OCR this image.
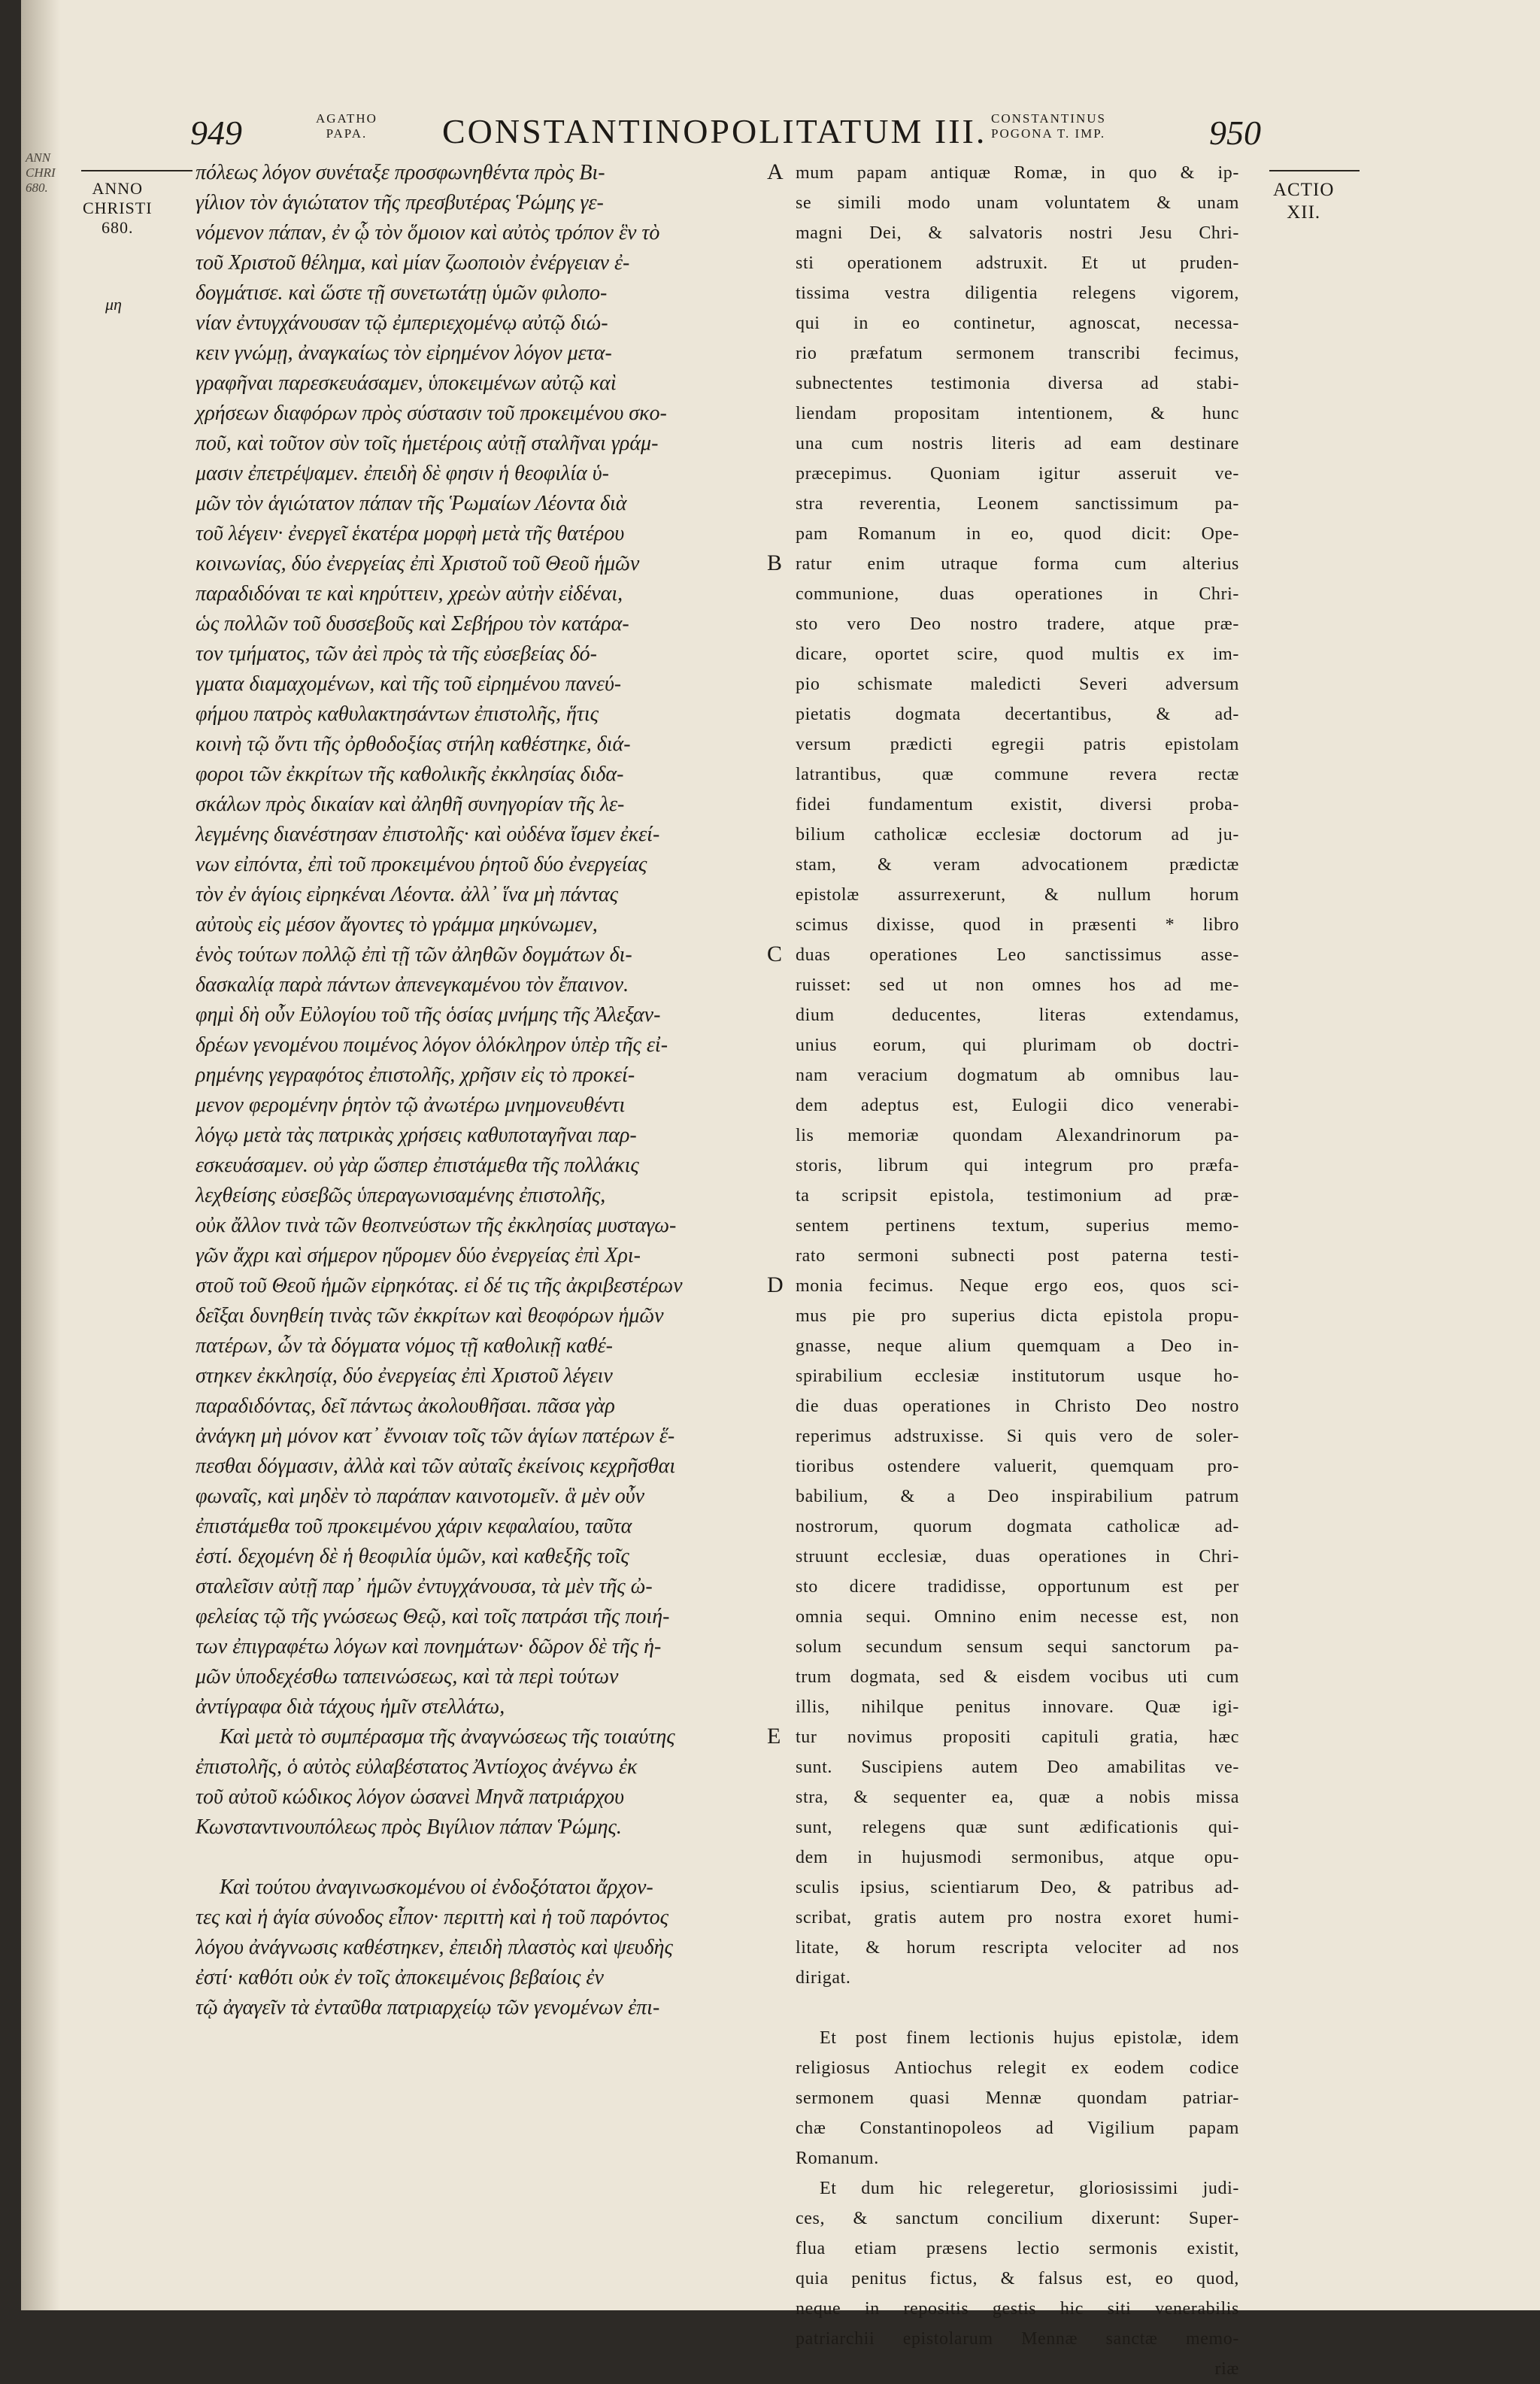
ANN
CHRI
680.
949	AGATHO
PAPA. CONSTANTINOPOLITATUM III. CONSTANTINUS
POGONA T. IMP.	950
ANNO
CHRISTI
680.
ACTIO
XII.
μη
A
B
C
D
E
πόλεως λόγον συνέταξε προσφωνηθέντα πρὸς Βι-
γίλιον τὸν ἁγιώτατον τῆς πρεσβυτέρας Ῥώμης γε-
νόμενον πάπαν, ἐν ᾧ τὸν ὅμοιον καὶ αὐτὸς τρόπον ἓν τὸ
τοῦ Χριστοῦ θέλημα, καὶ μίαν ζωοποιὸν ἐνέργειαν ἐ-
δογμάτισε. καὶ ὥστε τῇ συνετωτάτῃ ὑμῶν φιλοπο-
νίαν ἐντυγχάνουσαν τῷ ἐμπεριεχομένῳ αὐτῷ διώ-
κειν γνώμῃ, ἀναγκαίως τὸν εἰρημένον λόγον μετα-
γραφῆναι παρεσκευάσαμεν, ὑποκειμένων αὐτῷ καὶ
χρήσεων διαφόρων πρὸς σύστασιν τοῦ προκειμένου σκο-
ποῦ, καὶ τοῦτον σὺν τοῖς ἡμετέροις αὐτῇ σταλῆναι γράμ-
μασιν ἐπετρέψαμεν. ἐπειδὴ δὲ φησιν ἡ θεοφιλία ὑ-
μῶν τὸν ἁγιώτατον πάπαν τῆς Ῥωμαίων Λέοντα διὰ
τοῦ λέγειν· ἐνεργεῖ ἑκατέρα μορφὴ μετὰ τῆς θατέρου
κοινωνίας, δύο ἐνεργείας ἐπὶ Χριστοῦ τοῦ Θεοῦ ἡμῶν
παραδιδόναι τε καὶ κηρύττειν, χρεὼν αὐτὴν εἰδέναι,
ὡς πολλῶν τοῦ δυσσεβοῦς καὶ Σεβήρου τὸν κατάρα-
τον τμήματος, τῶν ἀεὶ πρὸς τὰ τῆς εὐσεβείας δό-
γματα διαμαχομένων, καὶ τῆς τοῦ εἰρημένου πανεύ-
φήμου πατρὸς καθυλακτησάντων ἐπιστολῆς, ἥτις
κοινὴ τῷ ὄντι τῆς ὀρθοδοξίας στήλη καθέστηκε, διά-
φοροι τῶν ἐκκρίτων τῆς καθολικῆς ἐκκλησίας διδα-
σκάλων πρὸς δικαίαν καὶ ἀληθῆ συνηγορίαν τῆς λε-
λεγμένης διανέστησαν ἐπιστολῆς· καὶ οὐδένα ἴσμεν ἐκεί-
νων εἰπόντα, ἐπὶ τοῦ προκειμένου ῥητοῦ δύο ἐνεργείας
τὸν ἐν ἁγίοις εἰρηκέναι Λέοντα. ἀλλ᾽ ἵνα μὴ πάντας
αὐτοὺς εἰς μέσον ἄγοντες τὸ γράμμα μηκύνωμεν,
ἑνὸς τούτων πολλῷ ἐπὶ τῇ τῶν ἀληθῶν δογμάτων δι-
δασκαλίᾳ παρὰ πάντων ἀπενεγκαμένου τὸν ἔπαινον.
φημὶ δὴ οὖν Εὐλογίου τοῦ τῆς ὁσίας μνήμης τῆς Ἀλεξαν-
δρέων γενομένου ποιμένος λόγον ὁλόκληρον ὑπὲρ τῆς εἰ-
ρημένης γεγραφότος ἐπιστολῆς, χρῆσιν εἰς τὸ προκεί-
μενον φερομένην ῥητὸν τῷ ἀνωτέρω μνημονευθέντι
λόγῳ μετὰ τὰς πατρικὰς χρήσεις καθυποταγῆναι παρ-
εσκευάσαμεν. οὐ γὰρ ὥσπερ ἐπιστάμεθα τῆς πολλάκις
λεχθείσης εὐσεβῶς ὑπεραγωνισαμένης ἐπιστολῆς,
οὐκ ἄλλον τινὰ τῶν θεοπνεύστων τῆς ἐκκλησίας μυσταγω-
γῶν ἄχρι καὶ σήμερον ηὕρομεν δύο ἐνεργείας ἐπὶ Χρι-
στοῦ τοῦ Θεοῦ ἡμῶν εἰρηκότας. εἰ δέ τις τῆς ἀκριβεστέρων
δεῖξαι δυνηθείη τινὰς τῶν ἐκκρίτων καὶ θεοφόρων ἡμῶν
πατέρων, ὧν τὰ δόγματα νόμος τῇ καθολικῇ καθέ-
στηκεν ἐκκλησίᾳ, δύο ἐνεργείας ἐπὶ Χριστοῦ λέγειν
παραδιδόντας, δεῖ πάντως ἀκολουθῆσαι. πᾶσα γὰρ
ἀνάγκη μὴ μόνον κατ᾽ ἔννοιαν τοῖς τῶν ἁγίων πατέρων ἕ-
πεσθαι δόγμασιν, ἀλλὰ καὶ τῶν αὐταῖς ἐκείνοις κεχρῆσθαι
φωναῖς, καὶ μηδὲν τὸ παράπαν καινοτομεῖν. ἃ μὲν οὖν
ἐπιστάμεθα τοῦ προκειμένου χάριν κεφαλαίου, ταῦτα
ἐστί. δεχομένη δὲ ἡ θεοφιλία ὑμῶν, καὶ καθεξῆς τοῖς
σταλεῖσιν αὐτῇ παρ᾽ ἡμῶν ἐντυγχάνουσα, τὰ μὲν τῆς ὠ-
φελείας τῷ τῆς γνώσεως Θεῷ, καὶ τοῖς πατράσι τῆς ποιή-
των ἐπιγραφέτω λόγων καὶ πονημάτων· δῶρον δὲ τῆς ἡ-
μῶν ὑποδεχέσθω ταπεινώσεως, καὶ τὰ περὶ τούτων
ἀντίγραφα διὰ τάχους ἡμῖν στελλάτω,
Καὶ μετὰ τὸ συμπέρασμα τῆς ἀναγνώσεως τῆς τοιαύτης
ἐπιστολῆς, ὁ αὐτὸς εὐλαβέστατος Ἀντίοχος ἀνέγνω ἐκ
τοῦ αὐτοῦ κώδικος λόγον ὡσανεὶ Μηνᾶ πατριάρχου
Κωνσταντινουπόλεως πρὸς Βιγίλιον πάπαν Ῥώμης.
Καὶ τούτου ἀναγινωσκομένου οἱ ἐνδοξότατοι ἄρχον-
τες καὶ ἡ ἁγία σύνοδος εἶπον· περιττὴ καὶ ἡ τοῦ παρόντος
λόγου ἀνάγνωσις καθέστηκεν, ἐπειδὴ πλαστὸς καὶ ψευδὴς
ἐστί· καθότι οὐκ ἐν τοῖς ἀποκειμένοις βεβαίοις ἐν
τῷ ἀγαγεῖν τὰ ἐνταῦθα πατριαρχείῳ τῶν γενομένων ἐπι-
mum papam antiquæ Romæ, in quo & ip-
se simili modo unam voluntatem & unam
magni Dei, & salvatoris nostri Jesu Chri-
sti operationem adstruxit. Et ut pruden-
tissima vestra diligentia relegens vigorem,
qui in eo continetur, agnoscat, necessa-
rio præfatum sermonem transcribi fecimus,
subnectentes testimonia diversa ad stabi-
liendam propositam intentionem, & hunc
una cum nostris literis ad eam destinare
præcepimus. Quoniam igitur asseruit ve-
stra reverentia, Leonem sanctissimum pa-
pam Romanum in eo, quod dicit: Ope-
ratur enim utraque forma cum alterius
communione, duas operationes in Chri-
sto vero Deo nostro tradere, atque præ-
dicare, oportet scire, quod multis ex im-
pio schismate maledicti Severi adversum
pietatis dogmata decertantibus, & ad-
versum prædicti egregii patris epistolam
latrantibus, quæ commune revera rectæ
fidei fundamentum existit, diversi proba-
bilium catholicæ ecclesiæ doctorum ad ju-
stam, & veram advocationem prædictæ
epistolæ assurrexerunt, & nullum horum
scimus dixisse, quod in præsenti * libro
duas operationes Leo sanctissimus asse-
ruisset: sed ut non omnes hos ad me-
dium deducentes, literas extendamus,
unius eorum, qui plurimam ob doctri-
nam veracium dogmatum ab omnibus lau-
dem adeptus est, Eulogii dico venerabi-
lis memoriæ quondam Alexandrinorum pa-
storis, librum qui integrum pro præfa-
ta scripsit epistola, testimonium ad præ-
sentem pertinens textum, superius memo-
rato sermoni subnecti post paterna testi-
monia fecimus. Neque ergo eos, quos sci-
mus pie pro superius dicta epistola propu-
gnasse, neque alium quemquam a Deo in-
spirabilium ecclesiæ institutorum usque ho-
die duas operationes in Christo Deo nostro
reperimus adstruxisse. Si quis vero de soler-
tioribus ostendere valuerit, quemquam pro-
babilium, & a Deo inspirabilium patrum
nostrorum, quorum dogmata catholicæ ad-
struunt ecclesiæ, duas operationes in Chri-
sto dicere tradidisse, opportunum est per
omnia sequi. Omnino enim necesse est, non
solum secundum sensum sequi sanctorum pa-
trum dogmata, sed & eisdem vocibus uti cum
illis, nihilque penitus innovare. Quæ igi-
tur novimus propositi capituli gratia, hæc
sunt. Suscipiens autem Deo amabilitas ve-
stra, & sequenter ea, quæ a nobis missa
sunt, relegens quæ sunt ædificationis qui-
dem in hujusmodi sermonibus, atque opu-
sculis ipsius, scientiarum Deo, & patribus ad-
scribat, gratis autem pro nostra exoret humi-
litate, & horum rescripta velociter ad nos
dirigat.
Et post finem lectionis hujus epistolæ, idem
religiosus Antiochus relegit ex eodem codice
sermonem quasi Mennæ quondam patriar-
chæ Constantinopoleos ad Vigilium papam
Romanum.
Et dum hic relegeretur, gloriosissimi judi-
ces, & sanctum concilium dixerunt: Super-
flua etiam præsens lectio sermonis existit,
quia penitus fictus, & falsus est, eo quod,
neque in repositis gestis hic siti venerabilis
patriarchii epistolarum Mennæ sanctæ memo-
riæ
